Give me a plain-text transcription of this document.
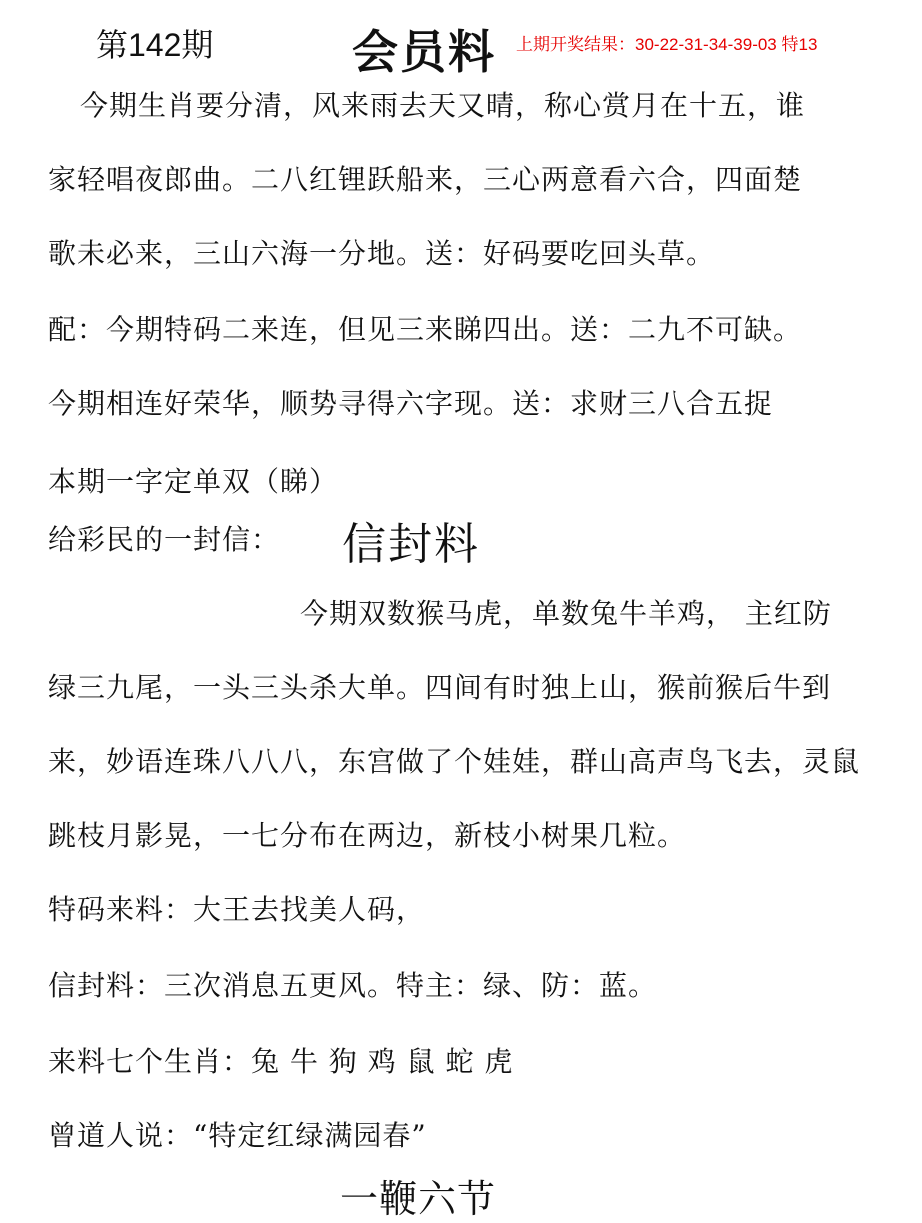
第142期	会员料 上期开奖结果：30-22-31-34-39-03 特13
今期生肖要分清，风来雨去天又晴，称心赏月在十五，谁
家轻唱夜郎曲。二八红锂跃船来，三心两意看六合，四面楚
歌未必来，三山六海一分地。送：好码要吃回头草。
配：今期特码二来连，但见三来睇四出。送：二九不可缺。
今期相连好荣华，顺势寻得六字现。送：求财三八合五捉
本期一字定单双（睇）
给彩民的一封信： 信封料
今期双数猴马虎，单数兔牛羊鸡， 主红防
绿三九尾，一头三头杀大单。四间有时独上山，猴前猴后牛到
来，妙语连珠八八八，东宫做了个娃娃，群山高声鸟飞去，灵鼠
跳枝月影晃，一七分布在两边，新枝小树果几粒。
特码来料：大王去找美人码，
信封料：三次消息五更风。特主：绿、防：蓝。
来料七个生肖：兔 牛 狗 鸡 鼠 蛇 虎
曾道人说：“特定红绿满园春”
一鞭六节
